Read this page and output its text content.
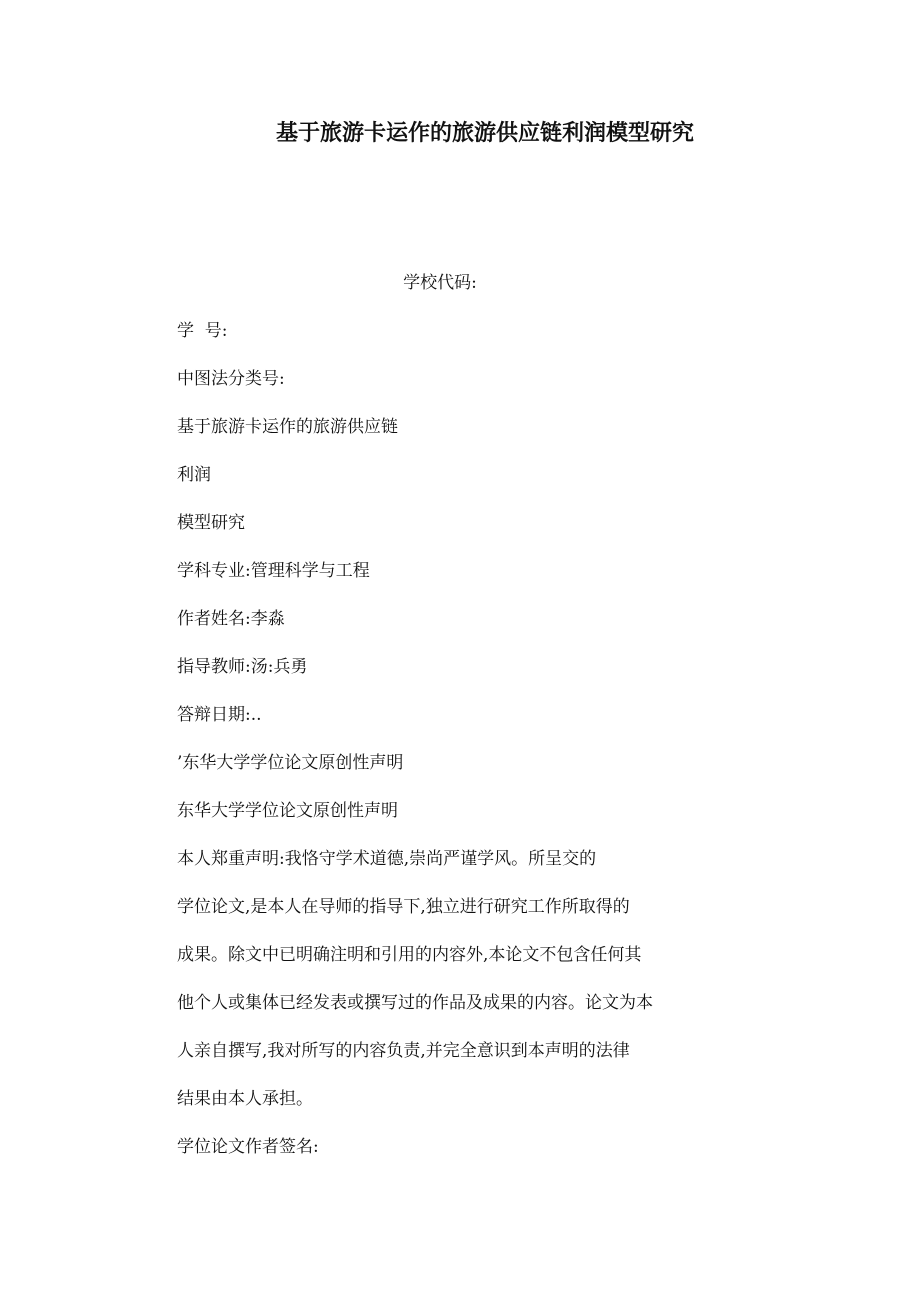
基于旅游卡运作的旅游供应链利润模型研究
学校代码:
学  号:
中图法分类号:
基于旅游卡运作的旅游供应链
利润
模型研究
学科专业:管理科学与工程
作者姓名:李淼
指导教师:汤:兵勇
答辩日期:..
’东华大学学位论文原创性声明
东华大学学位论文原创性声明
本人郑重声明:我恪守学术道德,崇尚严谨学风。所呈交的
学位论文,是本人在导师的指导下,独立进行研究工作所取得的
成果。除文中已明确注明和引用的内容外,本论文不包含任何其
他个人或集体已经发表或撰写过的作品及成果的内容。论文为本
人亲自撰写,我对所写的内容负责,并完全意识到本声明的法律
结果由本人承担。
学位论文作者签名:
